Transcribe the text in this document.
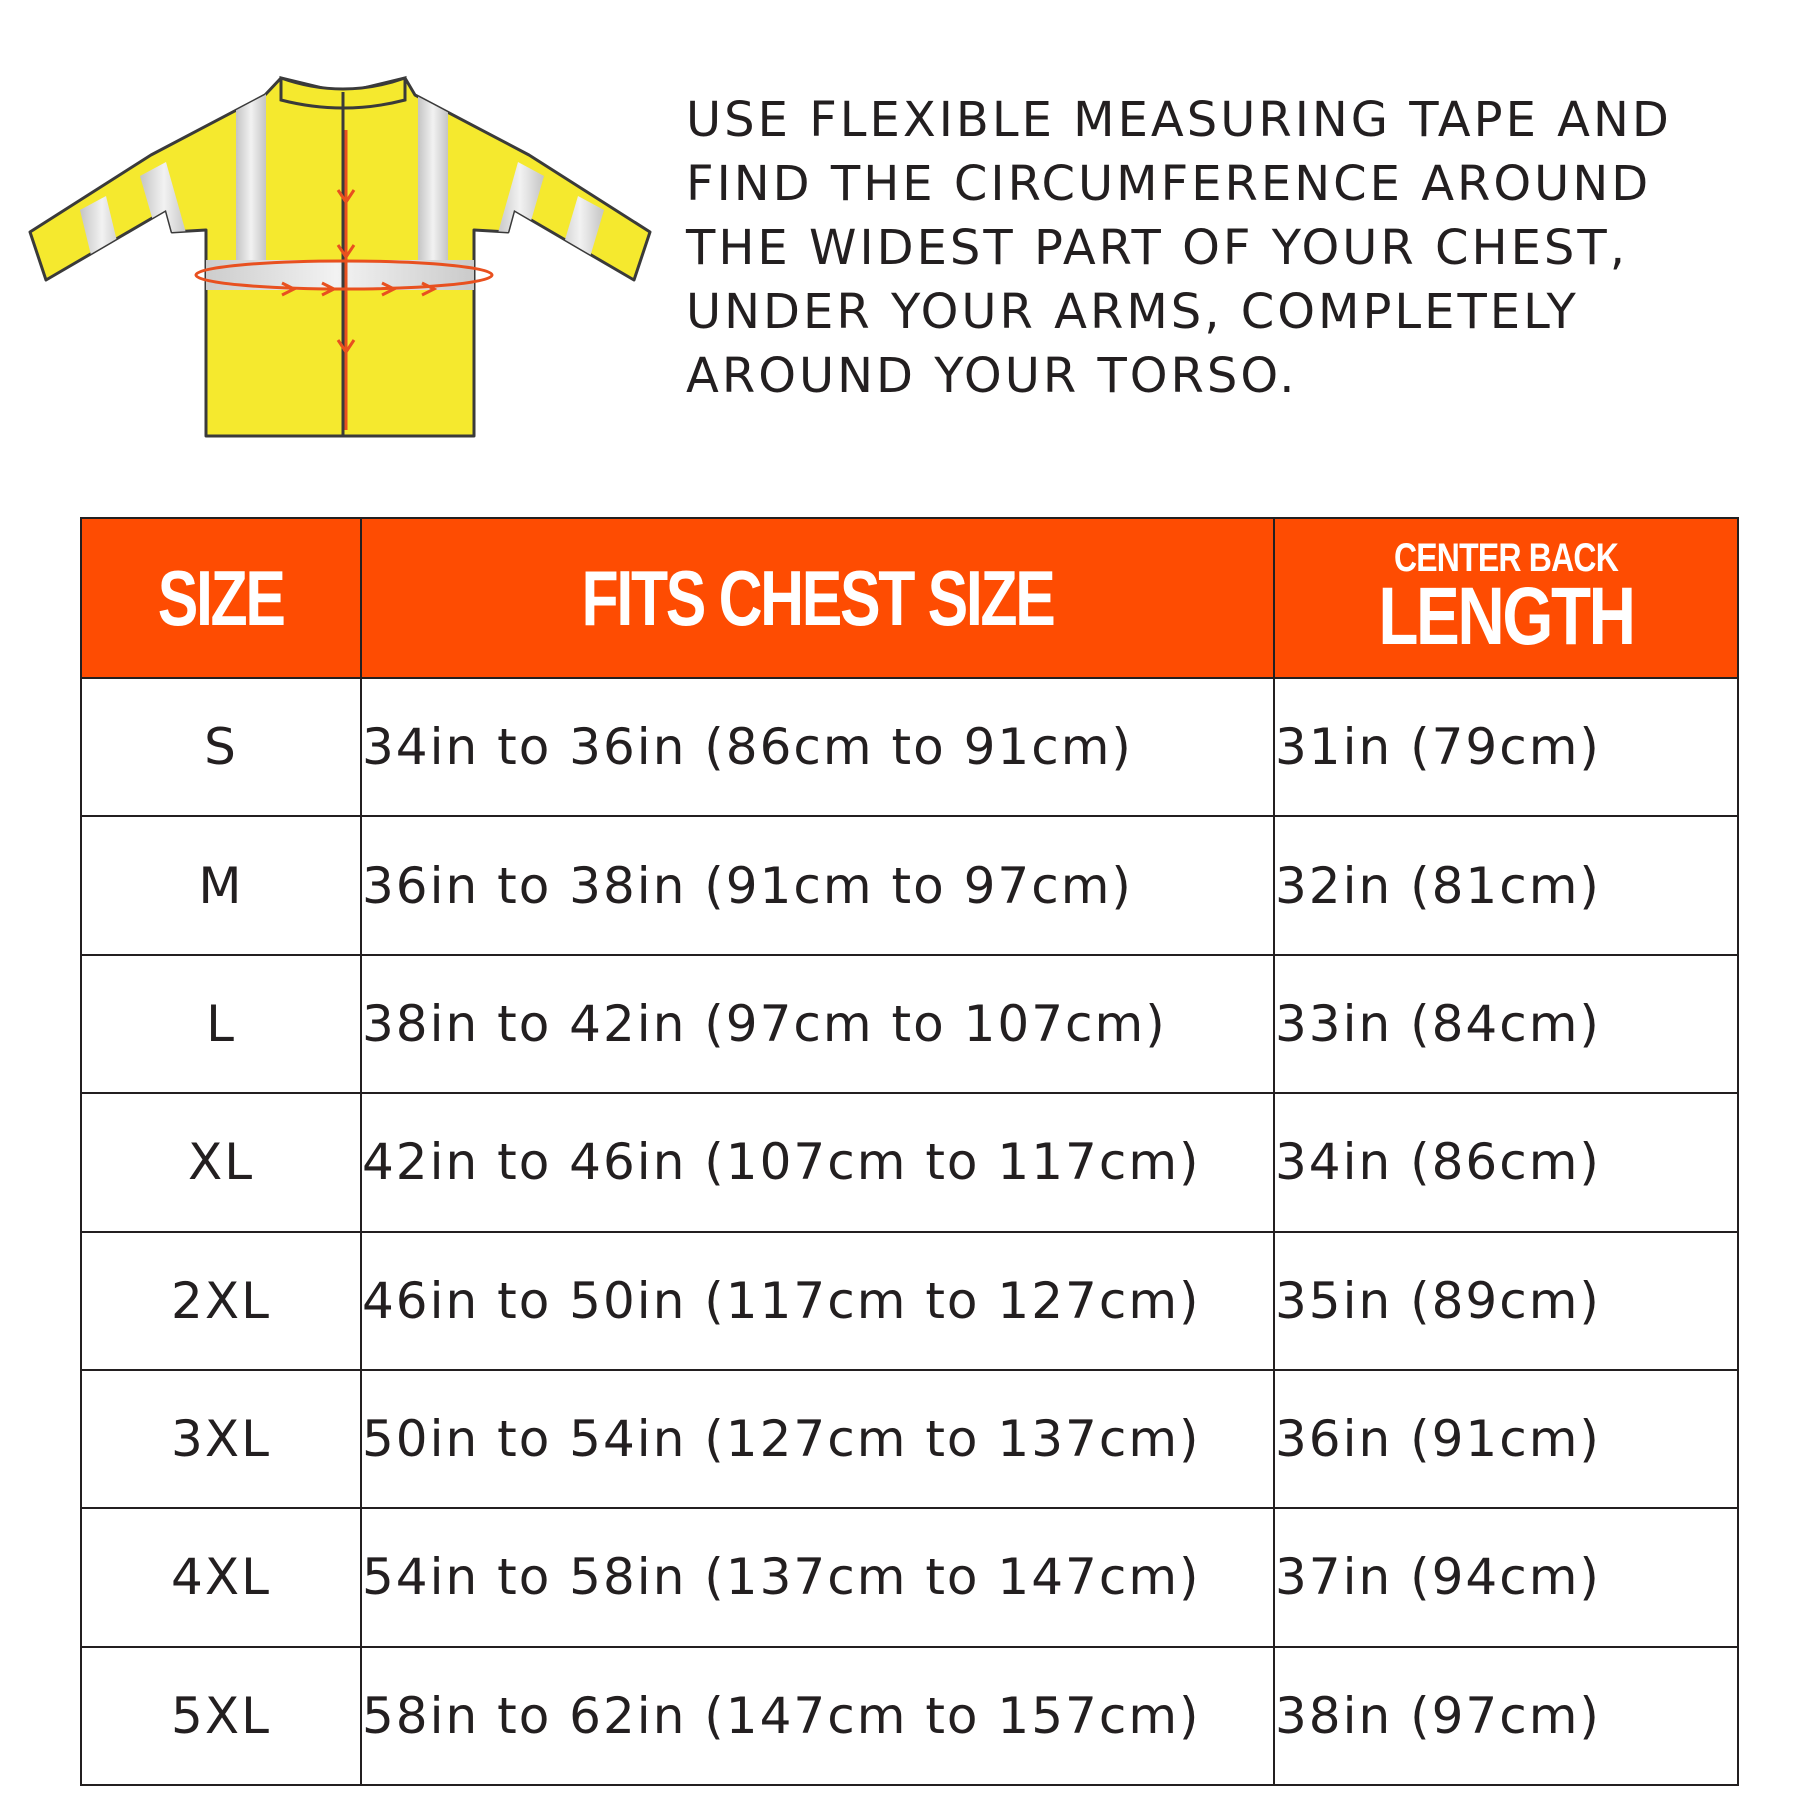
USE FLEXIBLE MEASURING TAPE AND FIND THE CIRCUMFERENCE AROUND THE WIDEST PART OF YOUR CHEST, UNDER YOUR ARMS, COMPLETELY AROUND YOUR TORSO.

SIZE	FITS CHEST SIZE	CENTER BACK
LENGTH

S	34in to 36in (86cm to 91cm)	31in (79cm)
M	36in to 38in (91cm to 97cm)	32in (81cm)
L	38in to 42in (97cm to 107cm)	33in (84cm)
XL	42in to 46in (107cm to 117cm)	34in (86cm)
2XL	46in to 50in (117cm to 127cm)	35in (89cm)
3XL	50in to 54in (127cm to 137cm)	36in (91cm)
4XL	54in to 58in (137cm to 147cm)	37in (94cm)
5XL	58in to 62in (147cm to 157cm)	38in (97cm)
